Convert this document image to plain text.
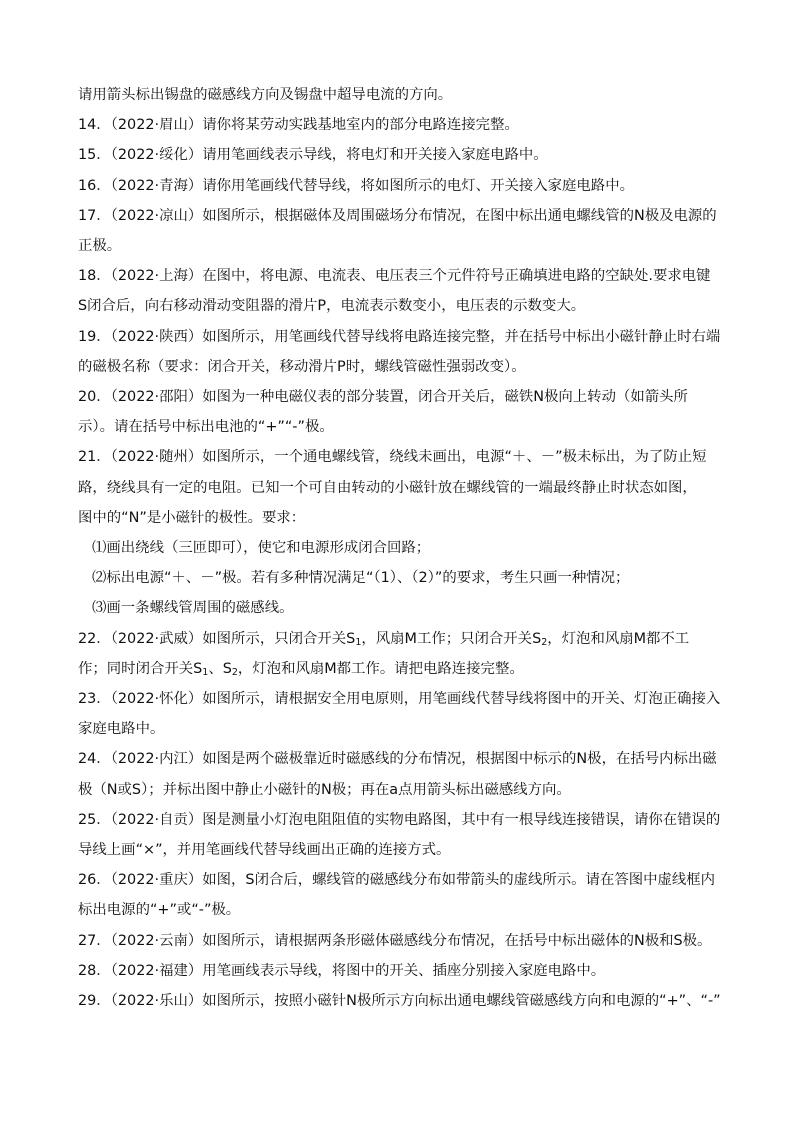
请用箭头标出锡盘的磁感线方向及锡盘中超导电流的方向。
14．（2022·眉山）请你将某劳动实践基地室内的部分电路连接完整。
15．（2022·绥化）请用笔画线表示导线，将电灯和开关接入家庭电路中。
16．（2022·青海）请你用笔画线代替导线，将如图所示的电灯、开关接入家庭电路中。
17．（2022·凉山）如图所示，根据磁体及周围磁场分布情况，在图中标出通电螺线管的N极及电源的
正极。
18．（2022·上海）在图中，将电源、电流表、电压表三个元件符号正确填进电路的空缺处.要求电键
S闭合后，向右移动滑动变阻器的滑片P，电流表示数变小，电压表的示数变大。
19．（2022·陕西）如图所示，用笔画线代替导线将电路连接完整，并在括号中标出小磁针静止时右端
的磁极名称（要求：闭合开关，移动滑片P时，螺线管磁性强弱改变）。
20．（2022·邵阳）如图为一种电磁仪表的部分装置，闭合开关后，磁铁N极向上转动（如箭头所
示）。请在括号中标出电池的“+”“-”极。
21．（2022·随州）如图所示，一个通电螺线管，绕线未画出，电源“＋、－”极未标出，为了防止短
路，绕线具有一定的电阻。已知一个可自由转动的小磁针放在螺线管的一端最终静止时状态如图，
图中的“N”是小磁针的极性。要求：
⑴画出绕线（三匝即可），使它和电源形成闭合回路；
⑵标出电源“＋、－”极。若有多种情况满足“（1）、（2）”的要求，考生只画一种情况；
⑶画一条螺线管周围的磁感线。
22．（2022·武威）如图所示，只闭合开关$S_1$，风扇M工作；只闭合开关$S_2$，灯泡和风扇M都不工
作；同时闭合开关$S_1$、$S_2$，灯泡和风扇M都工作。请把电路连接完整。
23．（2022·怀化）如图所示，请根据安全用电原则，用笔画线代替导线将图中的开关、灯泡正确接入
家庭电路中。
24．（2022·内江）如图是两个磁极靠近时磁感线的分布情况，根据图中标示的N极，在括号内标出磁
极（N或S）；并标出图中静止小磁针的N极；再在a点用箭头标出磁感线方向。
25．（2022·自贡）图是测量小灯泡电阻阻值的实物电路图，其中有一根导线连接错误，请你在错误的
导线上画“×”，并用笔画线代替导线画出正确的连接方式。
26．（2022·重庆）如图，S闭合后，螺线管的磁感线分布如带箭头的虚线所示。请在答图中虚线框内
标出电源的“+”或“-”极。
27．（2022·云南）如图所示，请根据两条形磁体磁感线分布情况，在括号中标出磁体的N极和S极。
28．（2022·福建）用笔画线表示导线，将图中的开关、插座分别接入家庭电路中。
29．（2022·乐山）如图所示，按照小磁针N极所示方向标出通电螺线管磁感线方向和电源的“+”、“-”
